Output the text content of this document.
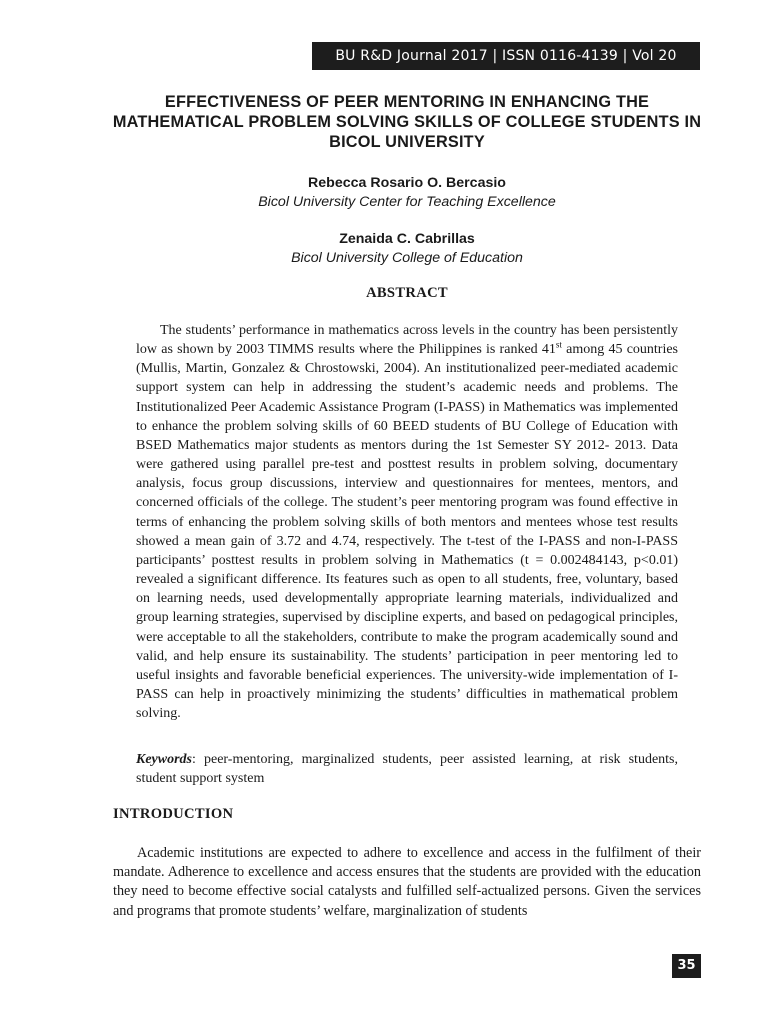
BU R&D Journal 2017 | ISSN 0116-4139 | Vol 20
EFFECTIVENESS OF PEER MENTORING IN ENHANCING THE MATHEMATICAL PROBLEM SOLVING SKILLS OF COLLEGE STUDENTS IN BICOL UNIVERSITY
Rebecca Rosario O. Bercasio
Bicol University Center for Teaching Excellence
Zenaida C. Cabrillas
Bicol University College of Education
ABSTRACT

The students’ performance in mathematics across levels in the country has been persistently low as shown by 2003 TIMMS results where the Philippines is ranked 41st among 45 countries (Mullis, Martin, Gonzalez & Chrostowski, 2004). An institutionalized peer-mediated academic support system can help in addressing the student’s academic needs and problems. The Institutionalized Peer Academic Assistance Program (I-PASS) in Mathematics was implemented to enhance the problem solving skills of 60 BEED students of BU College of Education with BSED Mathematics major students as mentors during the 1st Semester SY 2012- 2013. Data were gathered using parallel pre-test and posttest results in problem solving, documentary analysis, focus group discussions, interview and questionnaires for mentees, mentors, and concerned officials of the college. The student’s peer mentoring program was found effective in terms of enhancing the problem solving skills of both mentors and mentees whose test results showed a mean gain of 3.72 and 4.74, respectively. The t-test of the I-PASS and non-I-PASS participants’ posttest results in problem solving in Mathematics (t = 0.002484143, p<0.01) revealed a significant difference. Its features such as open to all students, free, voluntary, based on learning needs, used developmentally appropriate learning materials, individualized and group learning strategies, supervised by discipline experts, and based on pedagogical principles, were acceptable to all the stakeholders, contribute to make the program academically sound and valid, and help ensure its sustainability. The students’ participation in peer mentoring led to useful insights and favorable beneficial experiences. The university-wide implementation of I-PASS can help in proactively minimizing the students’ difficulties in mathematical problem solving.

Keywords: peer-mentoring, marginalized students, peer assisted learning, at risk students, student support system

INTRODUCTION

Academic institutions are expected to adhere to excellence and access in the fulfilment of their mandate. Adherence to excellence and access ensures that the students are provided with the education they need to become effective social catalysts and fulfilled self-actualized persons. Given the services and programs that promote students’ welfare, marginalization of students

35
